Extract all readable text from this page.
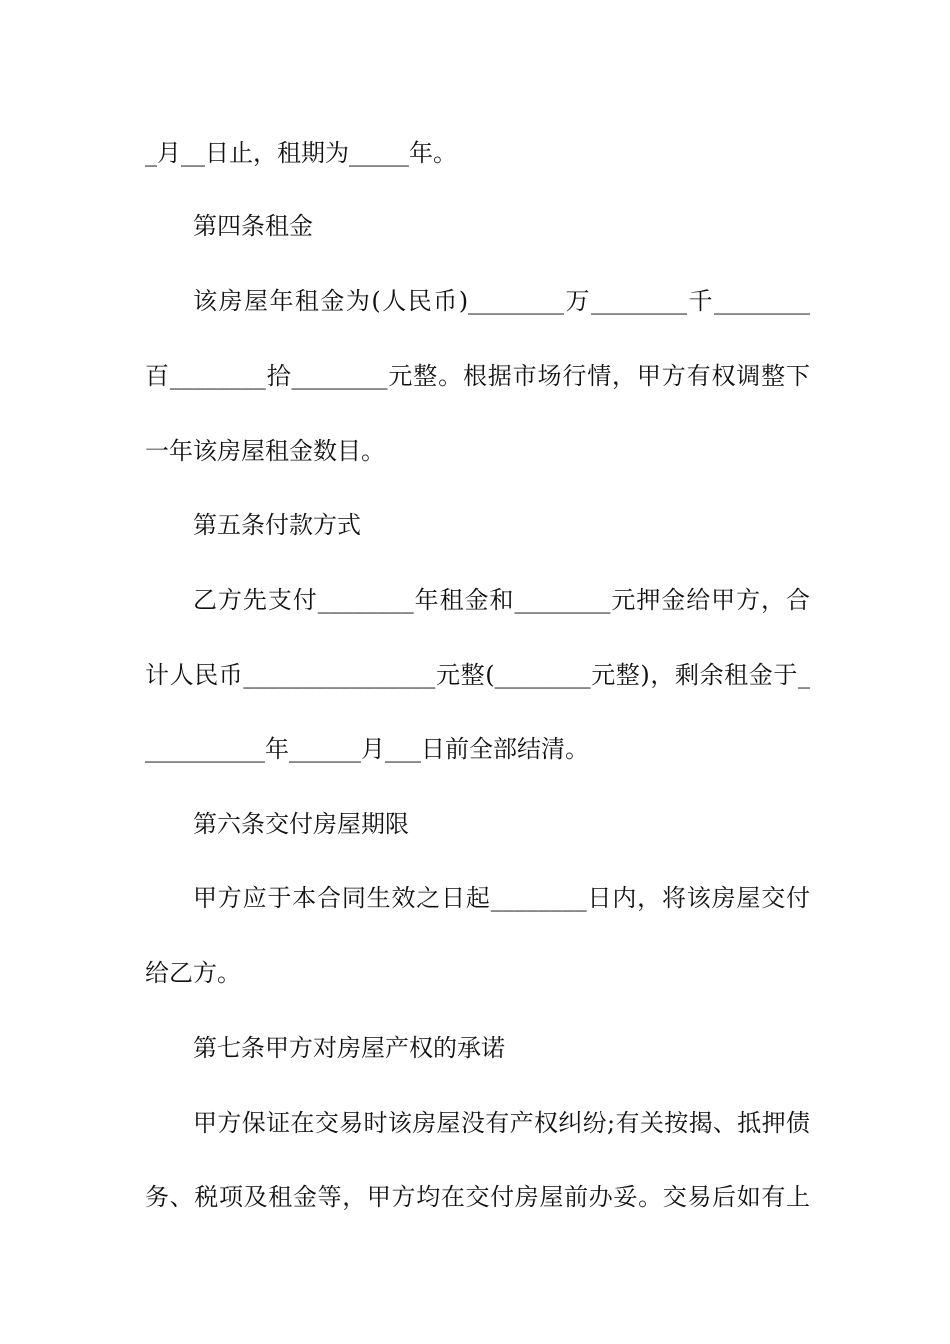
_月__日止，租期为_____年。
第四条租金
该房屋年租金为(人民币)________万________千________
百________拾________元整。根据市场行情，甲方有权调整下
一年该房屋租金数目。
第五条付款方式
乙方先支付________年租金和________元押金给甲方，合
计人民币________________元整(________元整)，剩余租金于_
__________年______月___日前全部结清。
第六条交付房屋期限
甲方应于本合同生效之日起________日内，将该房屋交付
给乙方。
第七条甲方对房屋产权的承诺
甲方保证在交易时该房屋没有产权纠纷;有关按揭、抵押债
务、税项及租金等，甲方均在交付房屋前办妥。交易后如有上
